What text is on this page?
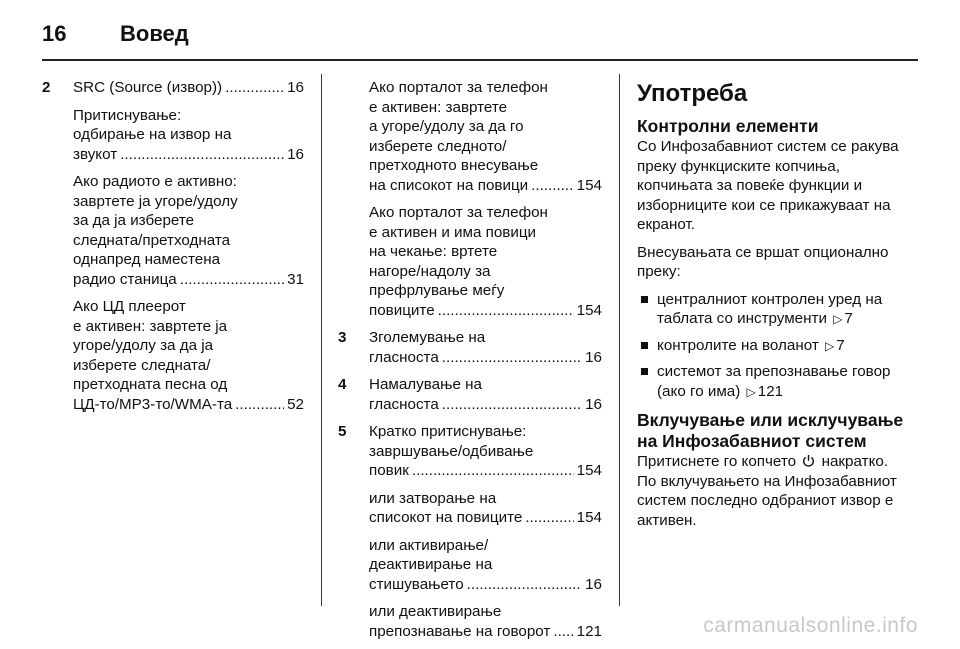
16	Вовед
2 SRC (Source (извор)) .....	16
Притиснување:
одбирање на извор на
звукот .....	16
Ако радиото е активно:
завртете ја угоре/удолу
за да ја изберете
следната/претходната
однапред наместена
радио станица .....	31
Ако ЦД плеерот
е активен: завртете ја
угоре/удолу за да ја
изберете следната/
претходната песна од
ЦД-то/МР3-то/WMA-та .....	52
Ако порталот за телефон
е активен: завртете
а угоре/удолу за да го
изберете следното/
претходното внесување
на списокот на повици .....	154
Ако порталот за телефон
е активен и има повици
на чекање: вртете
нагоре/надолу за
префрлување меѓу
повиците .....	154
3 Зголемување на
гласноста .....	16
4 Намалување на
гласноста .....	16
5 Кратко притиснување:
завршување/одбивање
повик .....	154
или затворање на
списокот на повиците .....	154
или активирање/
деактивирање на
стишувањето .....	16
или деактивирање
препознавање на говорот ..... 121
Употреба
Контролни елементи
Со Инфозабавниот систем се ракува преку функциските копчиња, копчињата за повеќе функции и изборниците кои се прикажуваат на екранот.
Внесувањата се вршат опционално преку:
централниот контролен уред на таблата со инструменти ▷ 7
контролите на воланот ▷ 7
системот за препознавање говор (ако го има) ▷ 121
Вклучување или исклучување на Инфозабавниот систем
Притиснете го копчето накратко.
По вклучувањето на Инфозабавниот систем последно одбраниот извор е активен.
carmanualsonline.info
